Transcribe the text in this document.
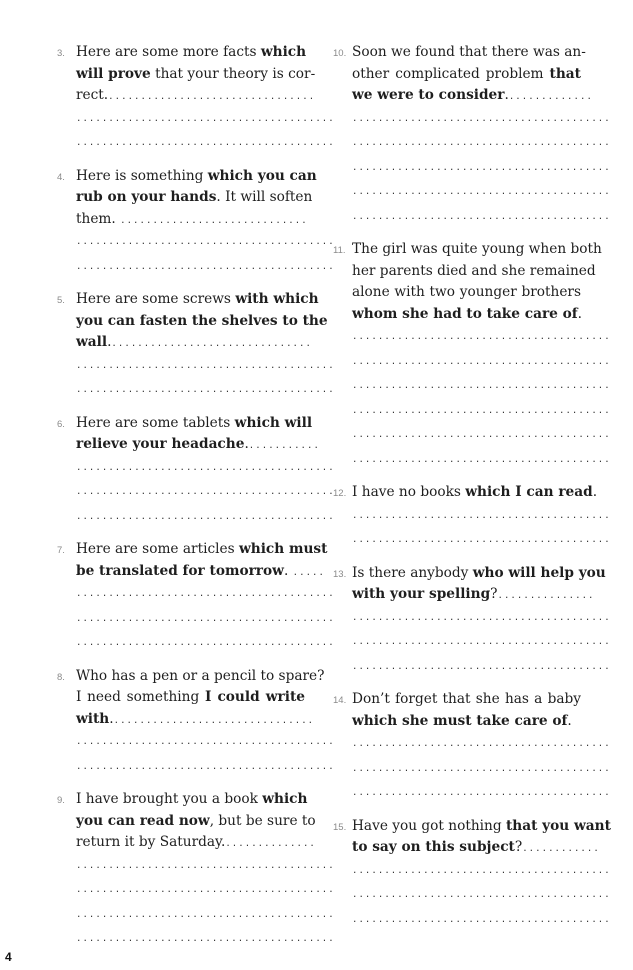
3. Here are some more facts which
will prove that your theory is cor-
rect.................................
........................................
........................................
4. Here is something which you can
rub on your hands. It will soften
them. .............................
........................................
........................................
5. Here are some screws with which
you can fasten the shelves to the
wall................................
........................................
........................................
6. Here are some tablets which will
relieve your headache............
........................................
........................................
........................................
7. Here are some articles which must
be translated for tomorrow. .....
........................................
........................................
........................................
8. Who has a pen or a pencil to spare?
I need something I could write
with................................
........................................
........................................
9. I have brought you a book which
you can read now, but be sure to
return it by Saturday...............
........................................
........................................
........................................
........................................
10. Soon we found that there was an-
other complicated problem that
we were to consider..............
........................................
........................................
........................................
........................................
........................................
11. The girl was quite young when both
her parents died and she remained
alone with two younger brothers
whom she had to take care of.
........................................
........................................
........................................
........................................
........................................
........................................
12. I have no books which I can read.
........................................
........................................
13. Is there anybody who will help you
with your spelling?...............
........................................
........................................
........................................
14. Don’t forget that she has a baby
which she must take care of.
........................................
........................................
........................................
15. Have you got nothing that you want
to say on this subject?............
........................................
........................................
........................................
4
